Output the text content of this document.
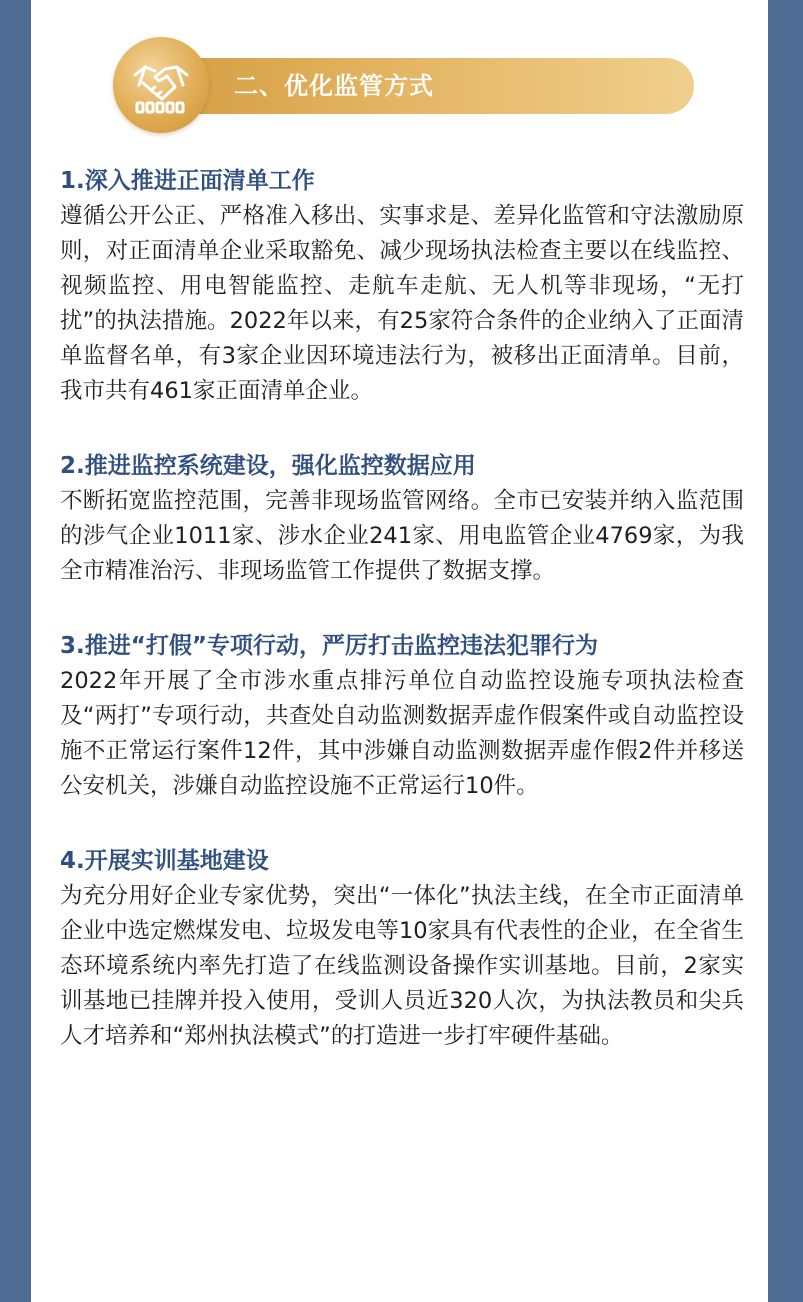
二、优化监管方式
1.深入推进正面清单工作
遵循公开公正、严格准入移出、实事求是、差异化监管和守法激励原则，对正面清单企业采取豁免、减少现场执法检查主要以在线监控、视频监控、用电智能监控、走航车走航、无人机等非现场，“无打扰”的执法措施。2022年以来，有25家符合条件的企业纳入了正面清单监督名单，有3家企业因环境违法行为，被移出正面清单。目前，我市共有461家正面清单企业。
2.推进监控系统建设，强化监控数据应用
不断拓宽监控范围，完善非现场监管网络。全市已安装并纳入监范围的涉气企业1011家、涉水企业241家、用电监管企业4769家，为我全市精准治污、非现场监管工作提供了数据支撑。
3.推进“打假”专项行动，严厉打击监控违法犯罪行为
2022年开展了全市涉水重点排污单位自动监控设施专项执法检查及“两打”专项行动，共查处自动监测数据弄虚作假案件或自动监控设施不正常运行案件12件，其中涉嫌自动监测数据弄虚作假2件并移送公安机关，涉嫌自动监控设施不正常运行10件。
4.开展实训基地建设
为充分用好企业专家优势，突出“一体化”执法主线，在全市正面清单企业中选定燃煤发电、垃圾发电等10家具有代表性的企业，在全省生态环境系统内率先打造了在线监测设备操作实训基地。目前，2家实训基地已挂牌并投入使用，受训人员近320人次，为执法教员和尖兵人才培养和“郑州执法模式”的打造进一步打牢硬件基础。
